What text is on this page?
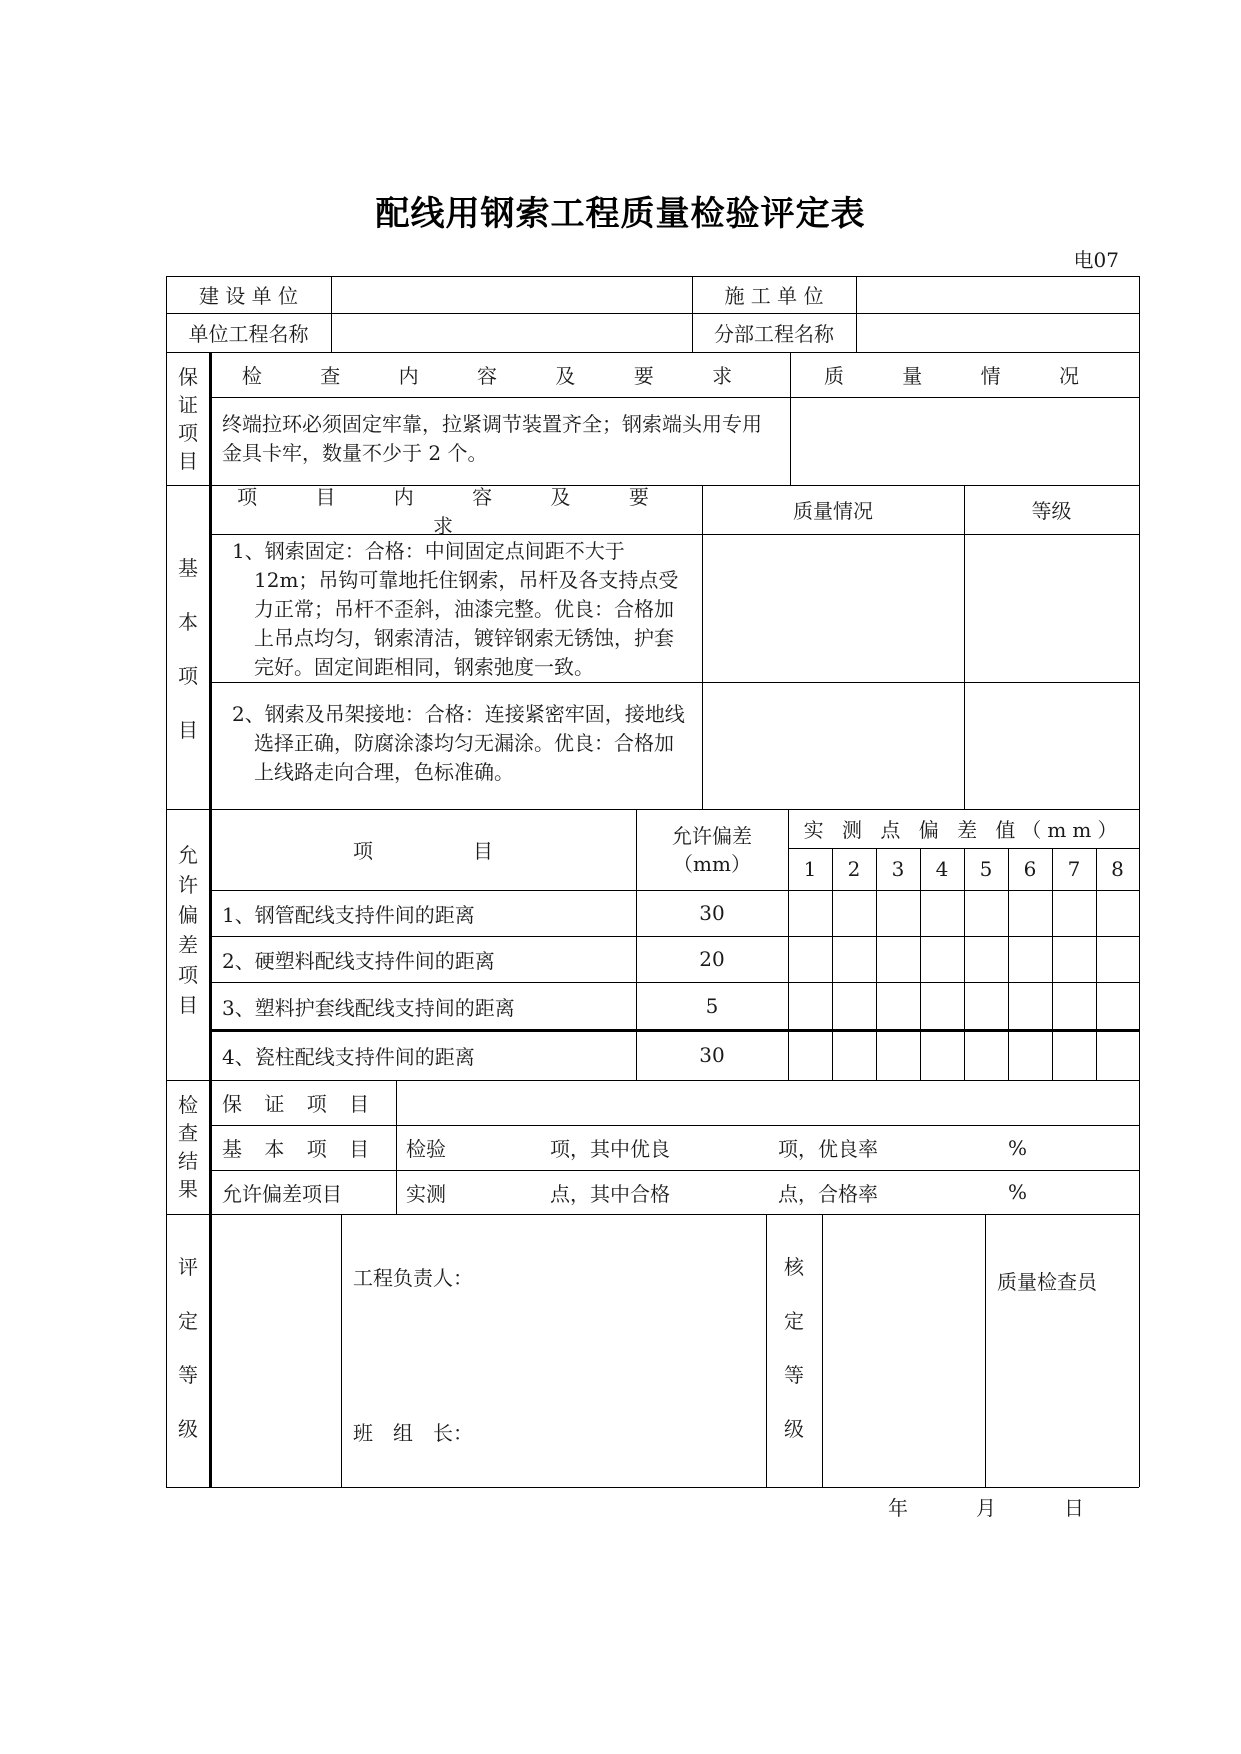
配线用钢索工程质量检验评定表
电07
建 设 单 位	施 工 单 位
单位工程名称	分部工程名称
保
证
项
目
检 查 内 容 及 要 求	质 量 情 况
终端拉环必须固定牢靠，拉紧调节装置齐全；钢索端头用专用金具卡牢，数量不少于 2 个。
基
本
项
目
项 目 内 容 及 要 求
质量情况	等级
1、钢索固定：合格：中间固定点间距不大于 12m；吊钩可靠地托住钢索，吊杆及各支持点受力正常；吊杆不歪斜，油漆完整。优良：合格加上吊点均匀，钢索清洁，镀锌钢索无锈蚀，护套完好。固定间距相同，钢索弛度一致。
2、钢索及吊架接地：合格：连接紧密牢固，接地线选择正确，防腐涂漆均匀无漏涂。优良：合格加上线路走向合理，色标准确。
允
许
偏
差
项
目
项　　　　　目
允许偏差
（mm）
实 测 点 偏 差 值（mm）
1	2	3	4	5	6	7	8
1、钢管配线支持件间的距离	30
2、硬塑料配线支持件间的距离	20
3、塑料护套线配线支持间的距离	5
4、瓷柱配线支持件间的距离	30
检
查
结
果
保 证 项 目
基 本 项 目	检验	项，其中优良	项，优良率	%
允许偏差项目	实测	点，其中合格	点，合格率	%
评
定
等
级
工程负责人：
班　组　长：
核
定
等
级
质量检查员
年	月	日
